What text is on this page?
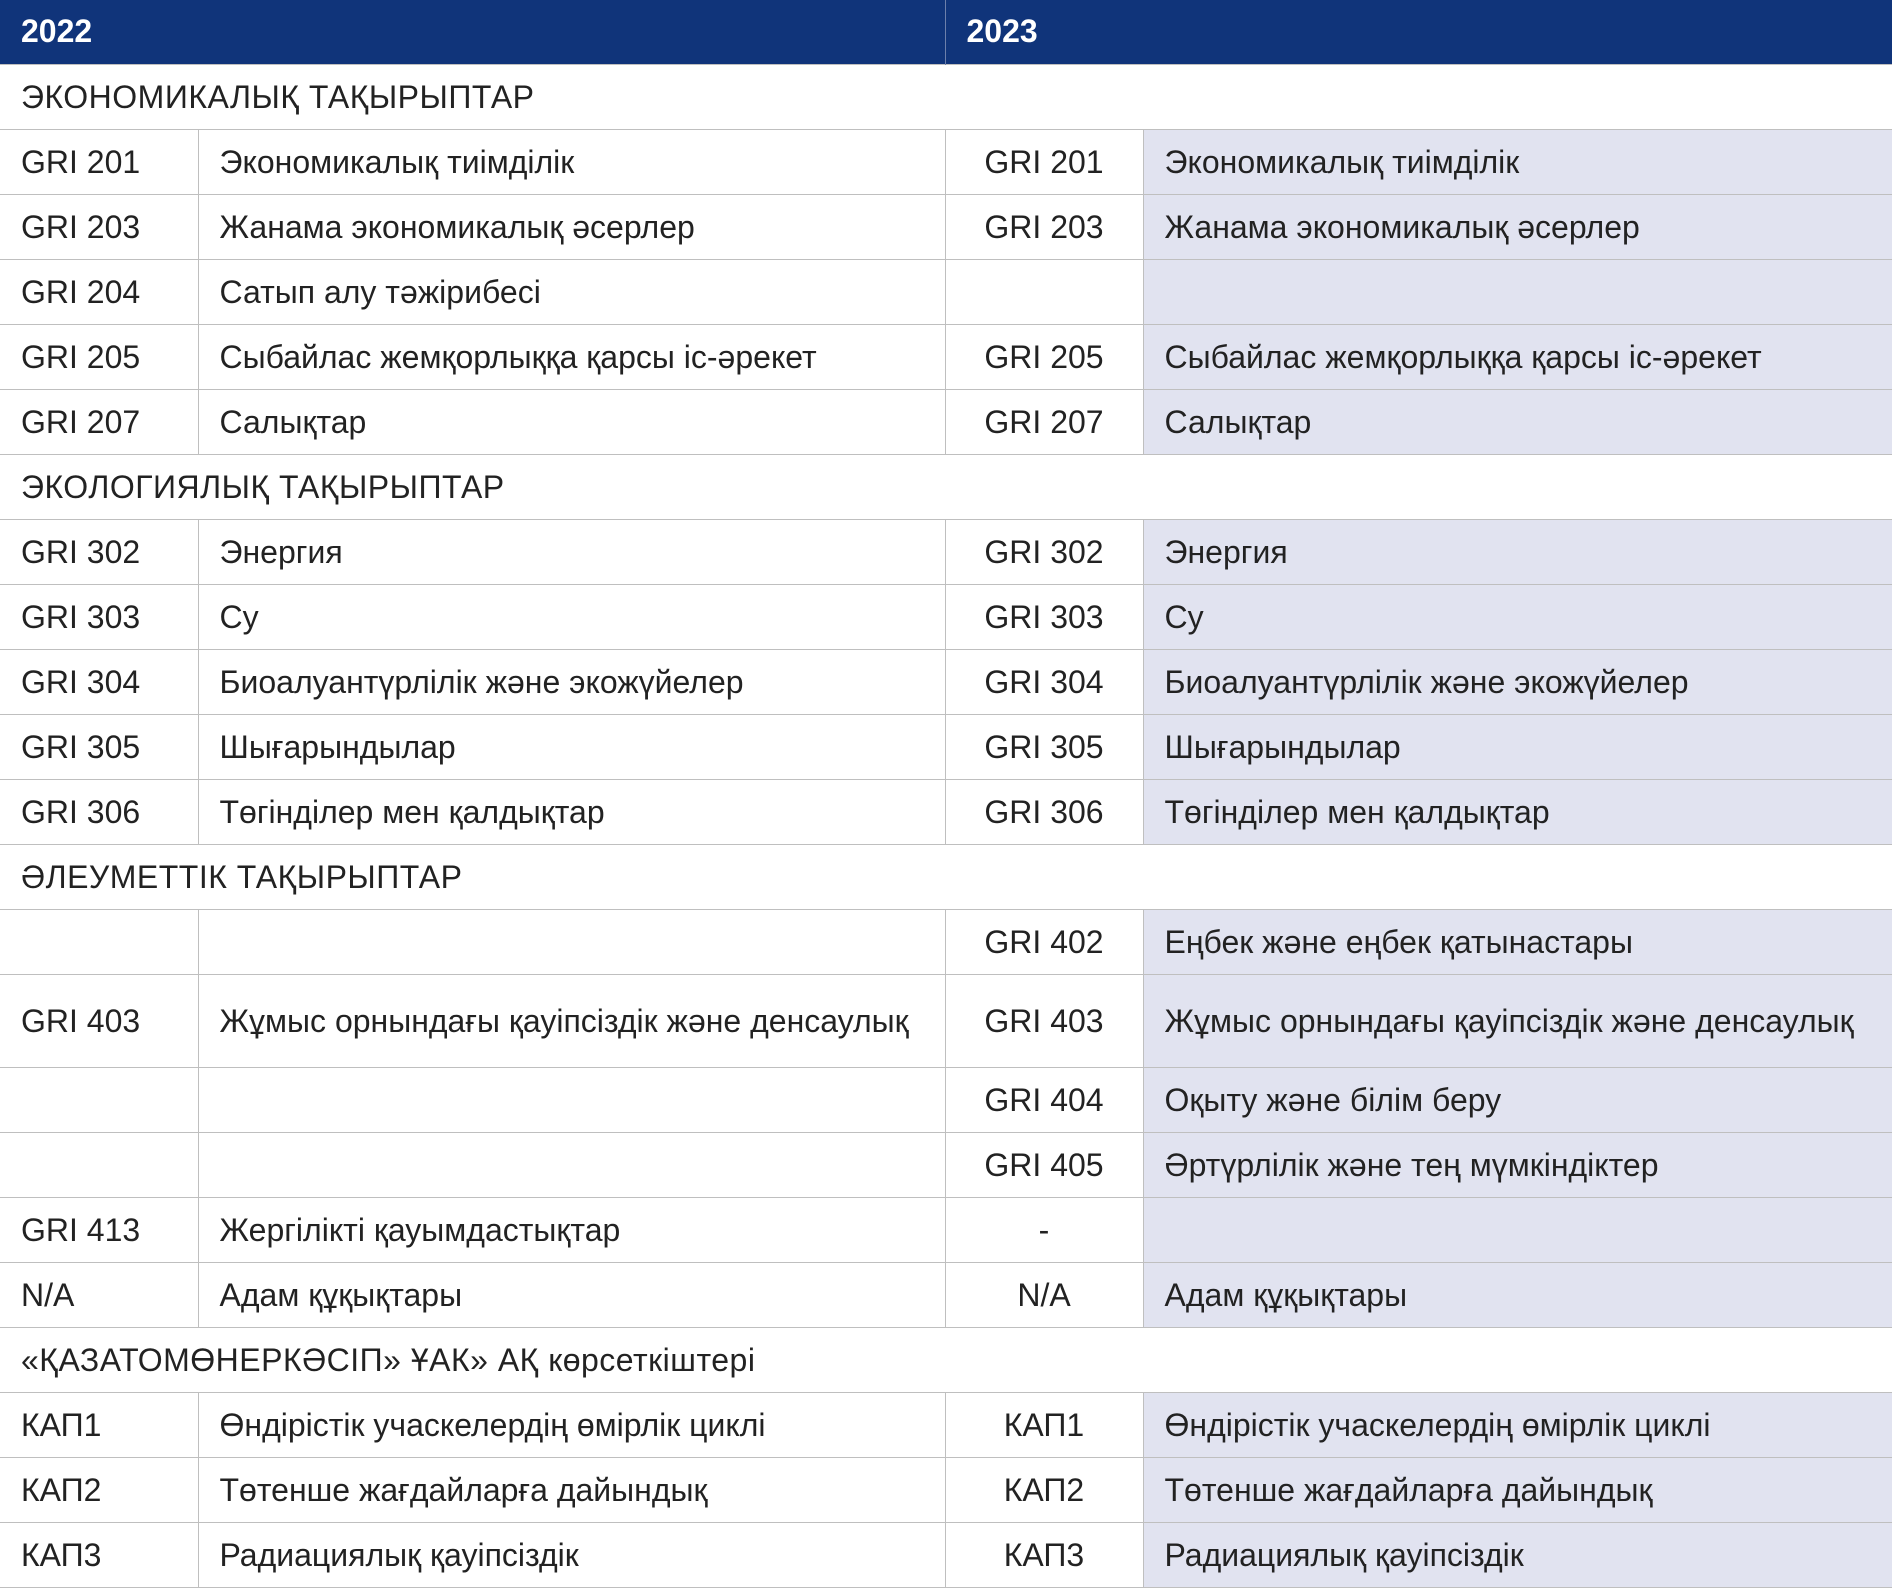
2022		2023	
ЭКОНОМИКАЛЫҚ ТАҚЫРЫПТАР			
GRI 201	Экономикалық тиімділік	GRI 201	Экономикалық тиімділік
GRI 203	Жанама экономикалық әсерлер	GRI 203	Жанама экономикалық әсерлер
GRI 204	Сатып алу тәжірибесі		
GRI 205	Сыбайлас жемқорлыққа қарсы іс-әрекет	GRI 205	Сыбайлас жемқорлыққа қарсы іс-әрекет
GRI 207	Салықтар	GRI 207	Салықтар
ЭКОЛОГИЯЛЫҚ ТАҚЫРЫПТАР			
GRI 302	Энергия	GRI 302	Энергия
GRI 303	Су	GRI 303	Су
GRI 304	Биоалуантүрлілік және экожүйелер	GRI 304	Биоалуантүрлілік және экожүйелер
GRI 305	Шығарындылар	GRI 305	Шығарындылар
GRI 306	Төгінділер мен қалдықтар	GRI 306	Төгінділер мен қалдықтар
ӘЛЕУМЕТТІК ТАҚЫРЫПТАР			
		GRI 402	Еңбек және еңбек қатынастары
GRI 403	Жұмыс орнындағы қауіпсіздік және денсаулық	GRI 403	Жұмыс орнындағы қауіпсіздік және денсаулық
		GRI 404	Оқыту және білім беру
		GRI 405	Әртүрлілік және тең мүмкіндіктер
GRI 413	Жергілікті қауымдастықтар	-	
N/A	Адам құқықтары	N/A	Адам құқықтары
«ҚАЗАТОМӨНЕРКӘСІП» ҰАК» АҚ көрсеткіштері			
КАП1	Өндірістік учаскелердің өмірлік циклі	КАП1	Өндірістік учаскелердің өмірлік циклі
КАП2	Төтенше жағдайларға дайындық	КАП2	Төтенше жағдайларға дайындық
КАП3	Радиациялық қауіпсіздік	КАП3	Радиациялық қауіпсіздік
